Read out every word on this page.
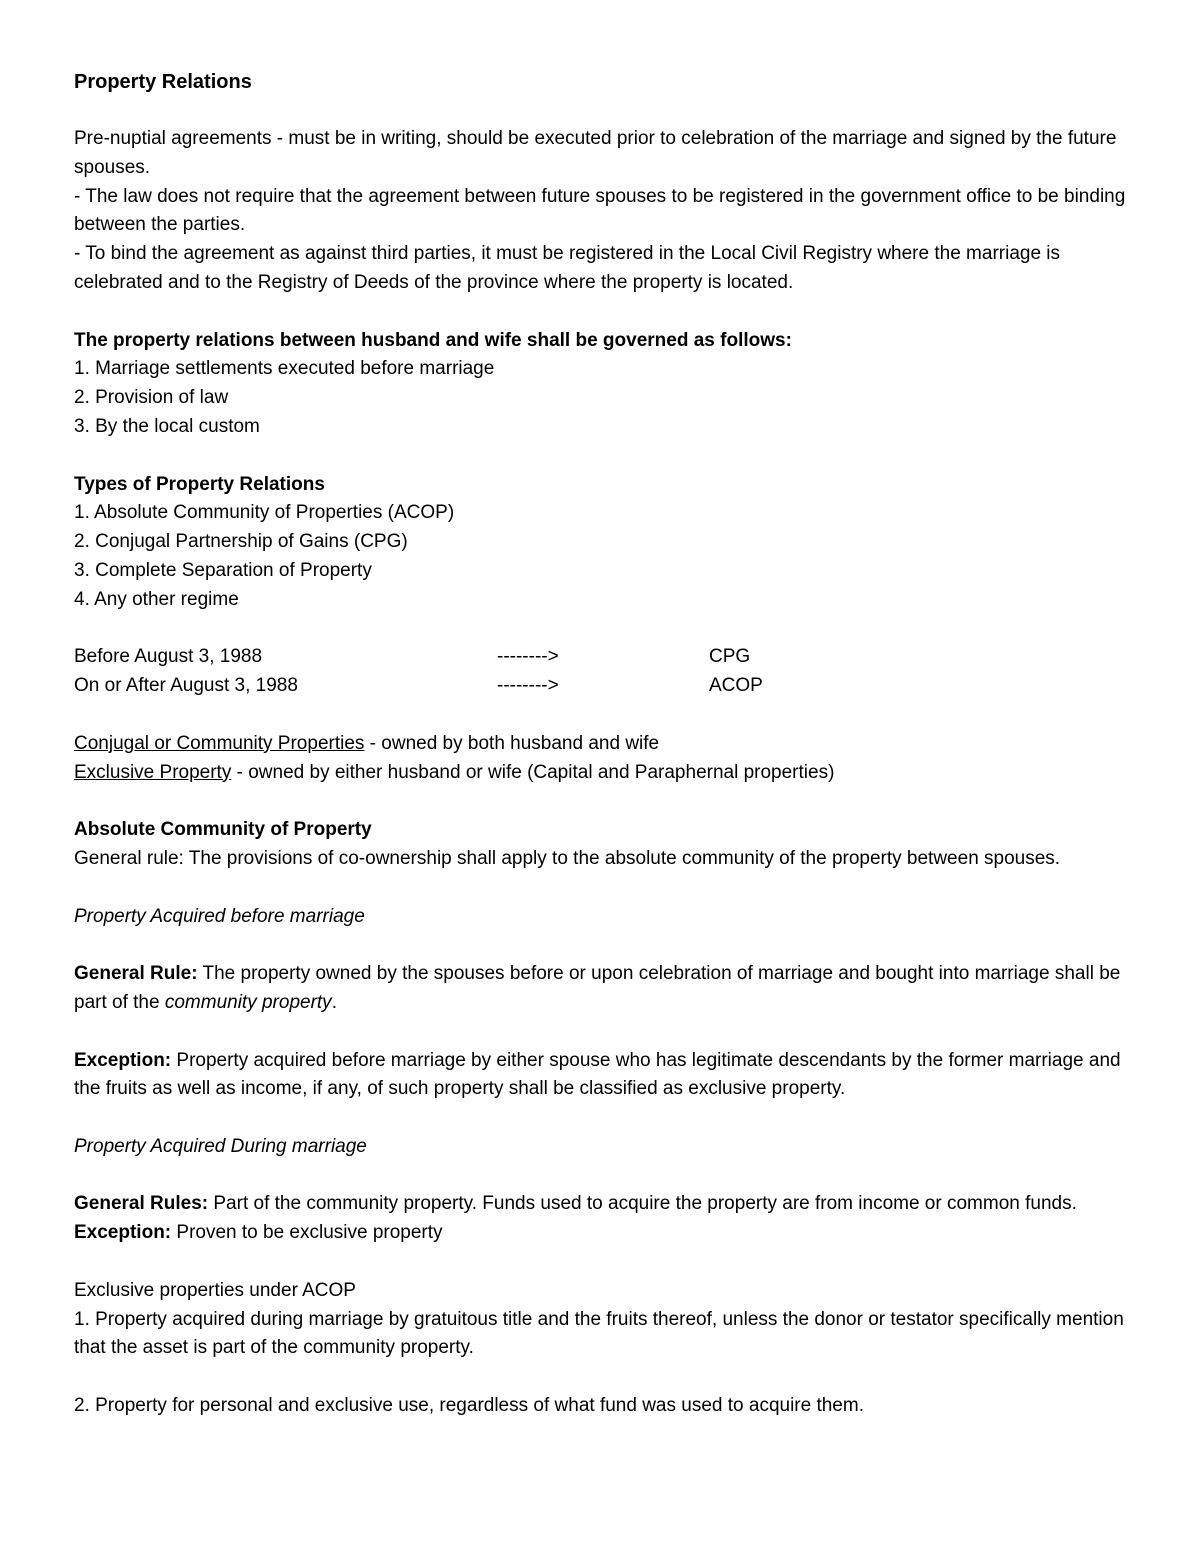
Property Relations

Pre-nuptial agreements - must be in writing, should be executed prior to celebration of the marriage and signed by the future spouses.

- The law does not require that the agreement between future spouses to be registered in the government office to be binding between the parties.

- To bind the agreement as against third parties, it must be registered in the Local Civil Registry where the marriage is celebrated and to the Registry of Deeds of the province where the property is located.

The property relations between husband and wife shall be governed as follows:

1. Marriage settlements executed before marriage

2. Provision of law

3. By the local custom

Types of Property Relations

1. Absolute Community of Properties (ACOP)

2. Conjugal Partnership of Gains (CPG)

3. Complete Separation of Property

4. Any other regime

Before August 3, 1988	-------->	CPG
On or After August 3, 1988	-------->	ACOP

Conjugal or Community Properties - owned by both husband and wife

Exclusive Property - owned by either husband or wife (Capital and Paraphernal properties)

Absolute Community of Property

General rule: The provisions of co-ownership shall apply to the absolute community of the property between spouses.

Property Acquired before marriage

General Rule: The property owned by the spouses before or upon celebration of marriage and bought into marriage shall be part of the community property.

Exception: Property acquired before marriage by either spouse who has legitimate descendants by the former marriage and the fruits as well as income, if any, of such property shall be classified as exclusive property.

Property Acquired During marriage

General Rules: Part of the community property. Funds used to acquire the property are from income or common funds.

Exception: Proven to be exclusive property

Exclusive properties under ACOP

1. Property acquired during marriage by gratuitous title and the fruits thereof, unless the donor or testator specifically mention that the asset is part of the community property.

2. Property for personal and exclusive use, regardless of what fund was used to acquire them.
